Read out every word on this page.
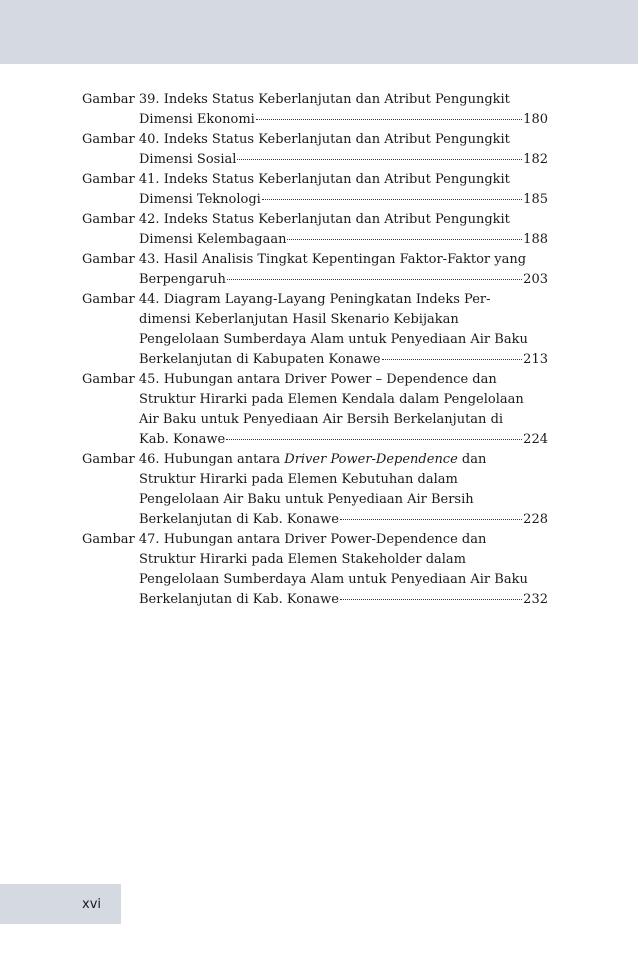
Gambar 39. Indeks Status Keberlanjutan dan Atribut Pengungkit
Dimensi Ekonomi	180
Gambar 40. Indeks Status Keberlanjutan dan Atribut Pengungkit
Dimensi Sosial	182
Gambar 41. Indeks Status Keberlanjutan dan Atribut Pengungkit
Dimensi Teknologi	185
Gambar 42. Indeks Status Keberlanjutan dan Atribut Pengungkit
Dimensi Kelembagaan	188
Gambar 43. Hasil Analisis Tingkat Kepentingan Faktor-Faktor yang
Berpengaruh	203
Gambar 44. Diagram Layang-Layang Peningkatan Indeks Per-
dimensi Keberlanjutan Hasil Skenario Kebijakan
Pengelolaan Sumberdaya Alam untuk Penyediaan Air Baku
Berkelanjutan di Kabupaten Konawe	213
Gambar 45. Hubungan antara Driver Power – Dependence dan
Struktur Hirarki pada Elemen Kendala dalam Pengelolaan
Air Baku untuk Penyediaan Air Bersih Berkelanjutan di
Kab. Konawe	224
Gambar 46. Hubungan antara Driver Power-Dependence dan
Struktur Hirarki pada Elemen Kebutuhan dalam
Pengelolaan Air Baku untuk Penyediaan Air Bersih
Berkelanjutan di Kab. Konawe	228
Gambar 47. Hubungan antara Driver Power-Dependence dan
Struktur Hirarki pada Elemen Stakeholder dalam
Pengelolaan Sumberdaya Alam untuk Penyediaan Air Baku
Berkelanjutan di Kab. Konawe	232
xvi
